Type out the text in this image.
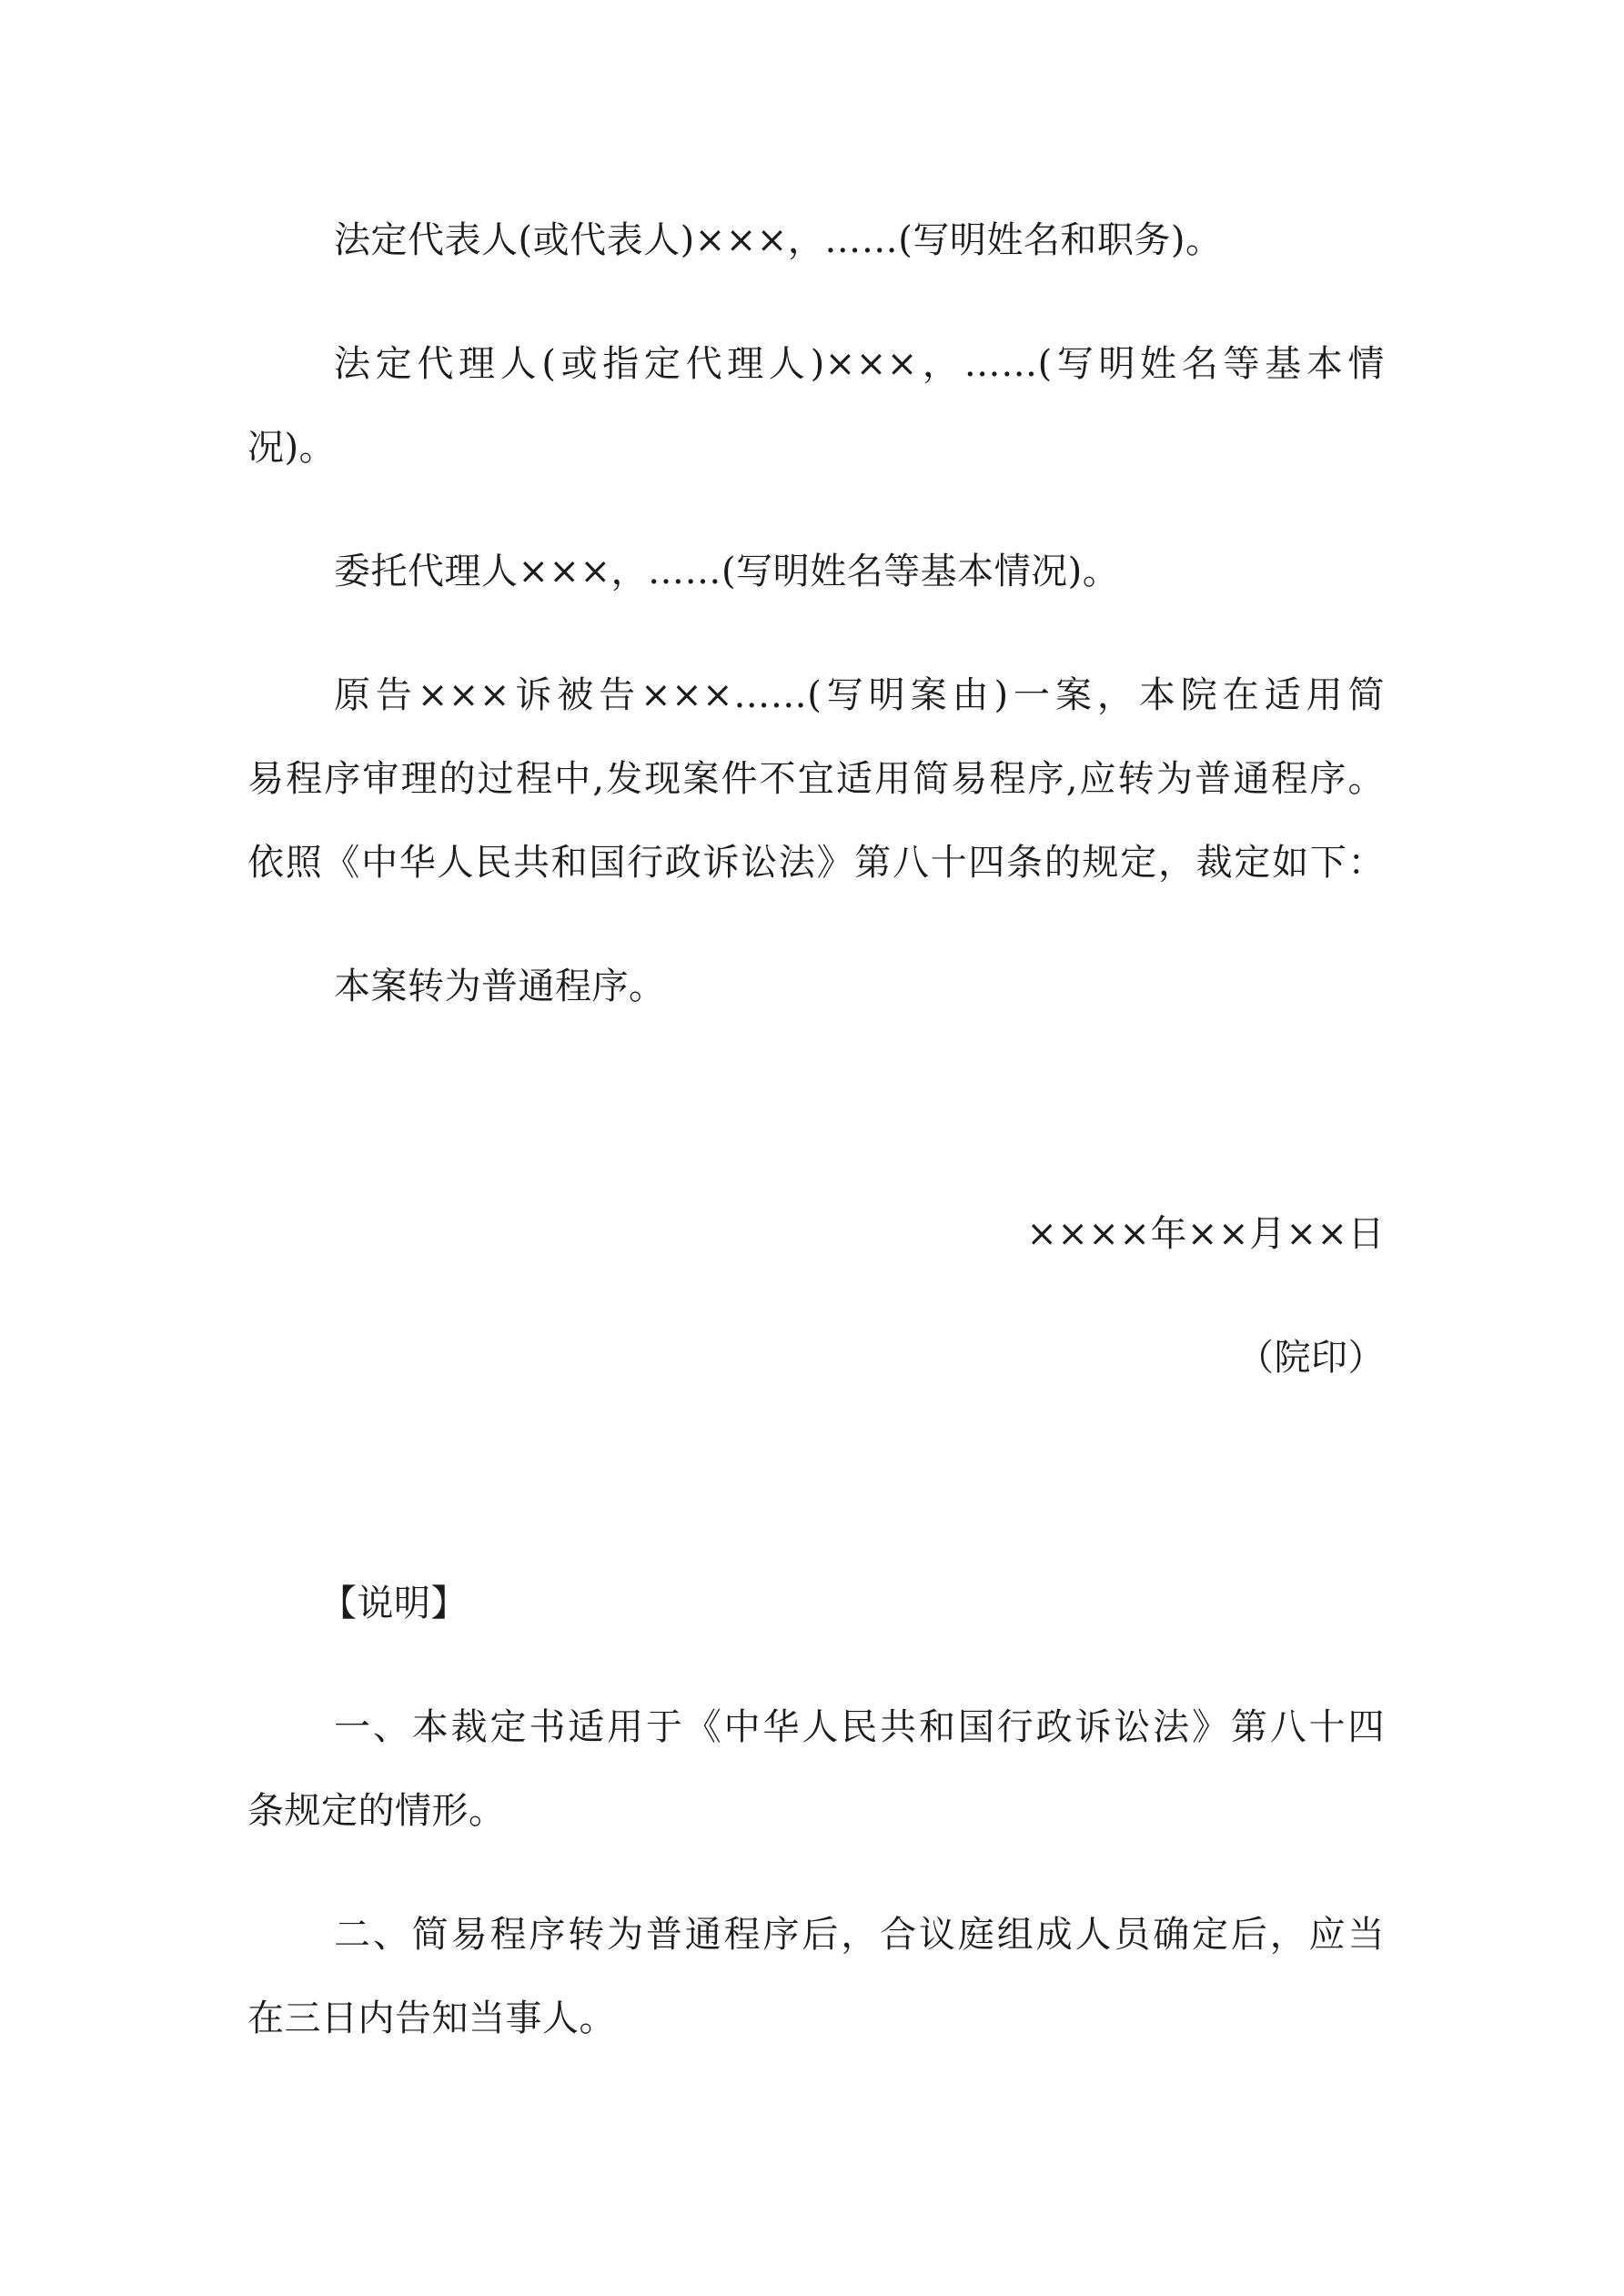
法定代表人(或代表人)×××，……(写明姓名和职务)。
法定代理人(或指定代理人)×××，……(写明姓名等基本情
况)。
委托代理人×××，……(写明姓名等基本情况)。
原告×××诉被告×××……(写明案由)一案，本院在适用简
易程序审理的过程中,发现案件不宜适用简易程序,应转为普通程序。
依照《中华人民共和国行政诉讼法》第八十四条的规定，裁定如下：
本案转为普通程序。
××××年××月××日
（院印）
【说明】
一、本裁定书适用于《中华人民共和国行政诉讼法》第八十四
条规定的情形。
二、简易程序转为普通程序后，合议庭组成人员确定后，应当
在三日内告知当事人。
